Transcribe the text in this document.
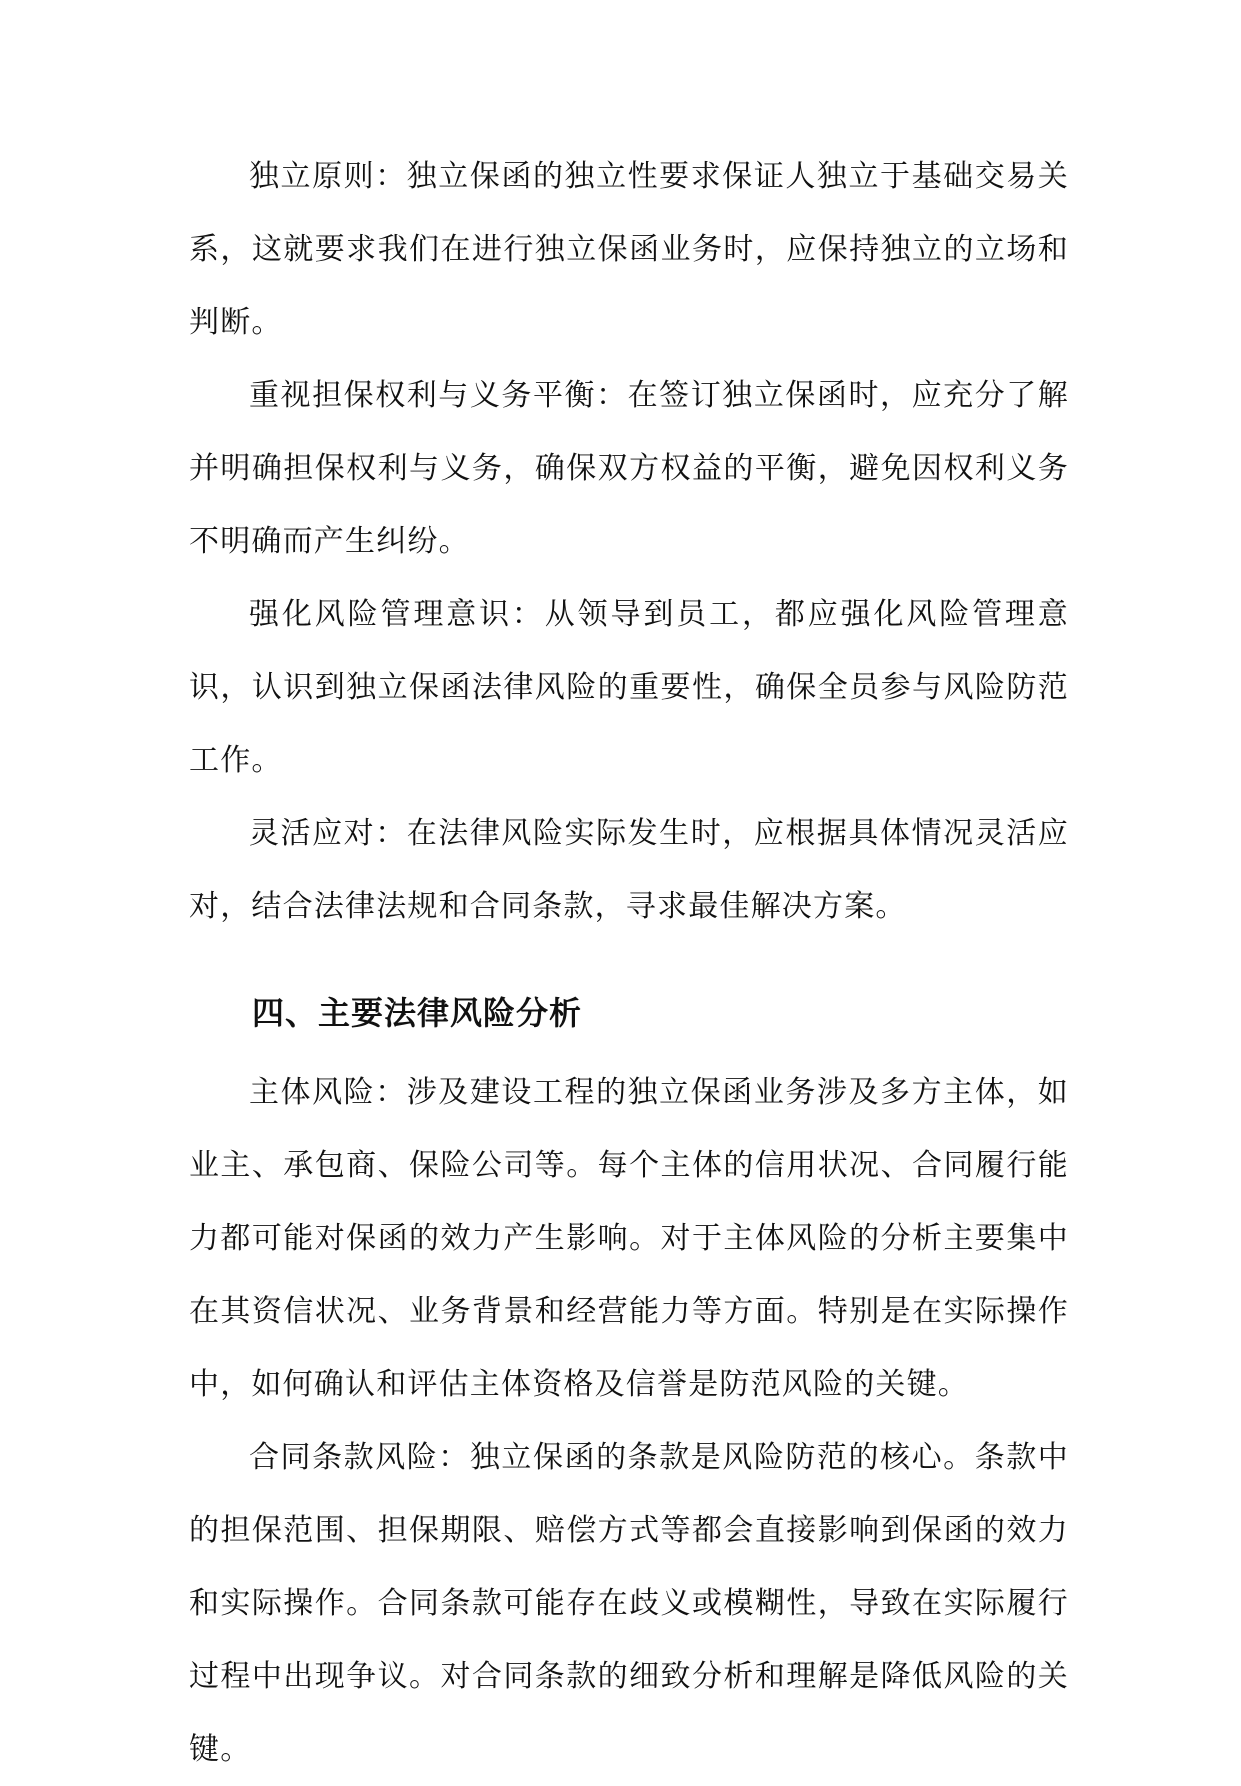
独立原则：独立保函的独立性要求保证人独立于基础交易关系，这就要求我们在进行独立保函业务时，应保持独立的立场和判断。

重视担保权利与义务平衡：在签订独立保函时，应充分了解并明确担保权利与义务，确保双方权益的平衡，避免因权利义务不明确而产生纠纷。

强化风险管理意识：从领导到员工，都应强化风险管理意识，认识到独立保函法律风险的重要性，确保全员参与风险防范工作。

灵活应对：在法律风险实际发生时，应根据具体情况灵活应对，结合法律法规和合同条款，寻求最佳解决方案。

四、主要法律风险分析

主体风险：涉及建设工程的独立保函业务涉及多方主体，如业主、承包商、保险公司等。每个主体的信用状况、合同履行能力都可能对保函的效力产生影响。对于主体风险的分析主要集中在其资信状况、业务背景和经营能力等方面。特别是在实际操作中，如何确认和评估主体资格及信誉是防范风险的关键。

合同条款风险：独立保函的条款是风险防范的核心。条款中的担保范围、担保期限、赔偿方式等都会直接影响到保函的效力和实际操作。合同条款可能存在歧义或模糊性，导致在实际履行过程中出现争议。对合同条款的细致分析和理解是降低风险的关键。
